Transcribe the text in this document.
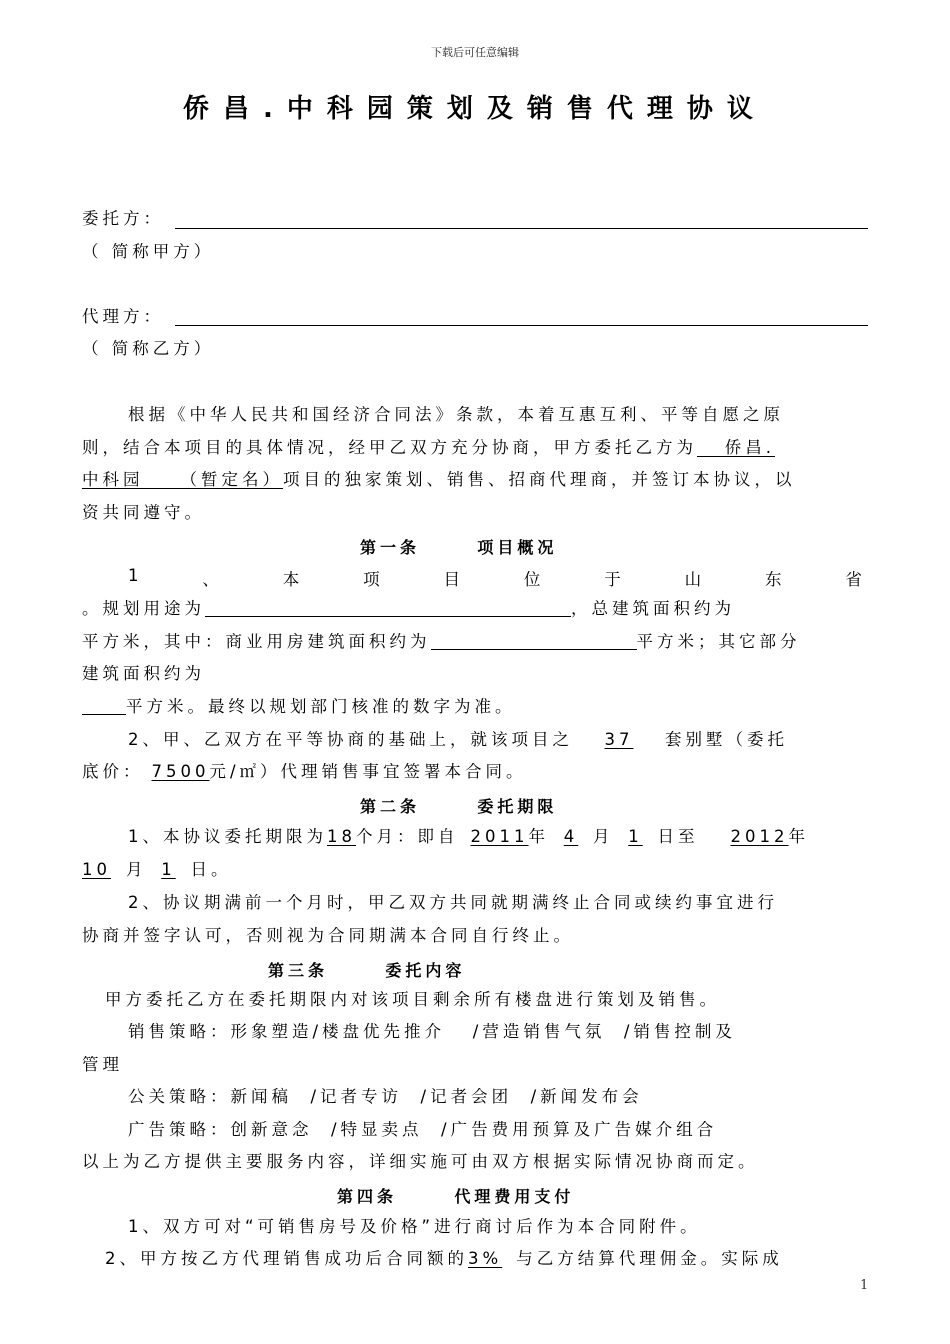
下载后可任意编辑
侨昌.中科园策划及销售代理协议
委托方：
（ 简称甲方）
代理方：
（ 简称乙方）
根据《中华人民共和国经济合同法》条款，本着互惠互利、平等自愿之原
则，结合本项目的具体情况，经甲乙双方充分协商，甲方委托乙方为   侨昌.
中科园    （暂定名）项目的独家策划、销售、招商代理商，并签订本协议，以
资共同遵守。
第一条      项目概况
1	、	本	项	目	位	于	山	东	省
。规划用途为	，总建筑面积约为
平方米，其中：商业用房建筑面积约为	平方米；其它部分
建筑面积约为
平方米。最终以规划部门核准的数字为准。
2、甲、乙双方在平等协商的基础上，就该项目之 37 套别墅（委托
底价： 7500元/㎡）代理销售事宜签署本合同。
第二条      委托期限
1、本协议委托期限为18个月：即自 2011年 4 月 1 日至 2012年
10 月 1 日。
2、协议期满前一个月时，甲乙双方共同就期满终止合同或续约事宜进行
协商并签字认可，否则视为合同期满本合同自行终止。
第三条      委托内容
甲方委托乙方在委托期限内对该项目剩余所有楼盘进行策划及销售。
销售策略：形象塑造/楼盘优先推介   /营造销售气氛  /销售控制及
管理
公关策略：新闻稿  /记者专访  /记者会团  /新闻发布会
广告策略：创新意念  /特显卖点  /广告费用预算及广告媒介组合
以上为乙方提供主要服务内容，详细实施可由双方根据实际情况协商而定。
第四条      代理费用支付
1、双方可对“可销售房号及价格”进行商讨后作为本合同附件。
2、甲方按乙方代理销售成功后合同额的3% 与乙方结算代理佣金。实际成
1
